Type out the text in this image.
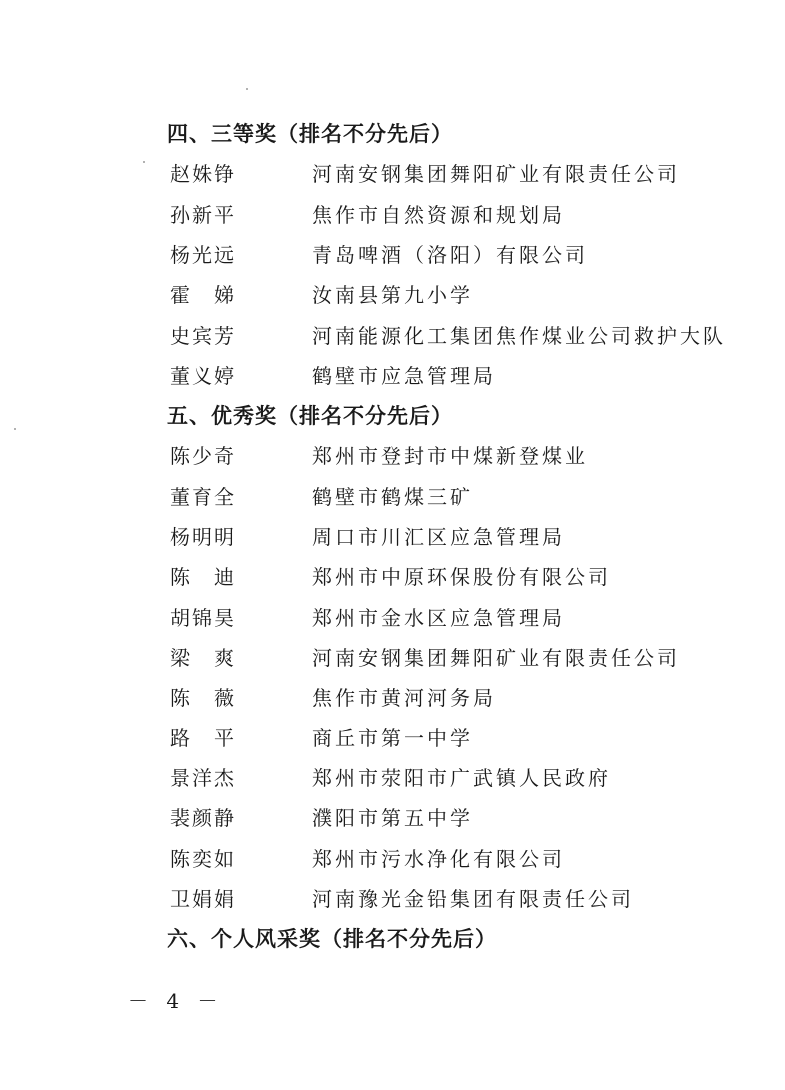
四、三等奖（排名不分先后）
赵姝铮	河南安钢集团舞阳矿业有限责任公司
孙新平	焦作市自然资源和规划局
杨光远	青岛啤酒（洛阳）有限公司
霍　娣	汝南县第九小学
史宾芳	河南能源化工集团焦作煤业公司救护大队
董义婷	鹤壁市应急管理局
五、优秀奖（排名不分先后）
陈少奇	郑州市登封市中煤新登煤业
董育全	鹤壁市鹤煤三矿
杨明明	周口市川汇区应急管理局
陈　迪	郑州市中原环保股份有限公司
胡锦昊	郑州市金水区应急管理局
梁　爽	河南安钢集团舞阳矿业有限责任公司
陈　薇	焦作市黄河河务局
路　平	商丘市第一中学
景洋杰	郑州市荥阳市广武镇人民政府
裴颜静	濮阳市第五中学
陈奕如	郑州市污水净化有限公司
卫娟娟	河南豫光金铅集团有限责任公司
六、个人风采奖（排名不分先后）
－ 4 －
